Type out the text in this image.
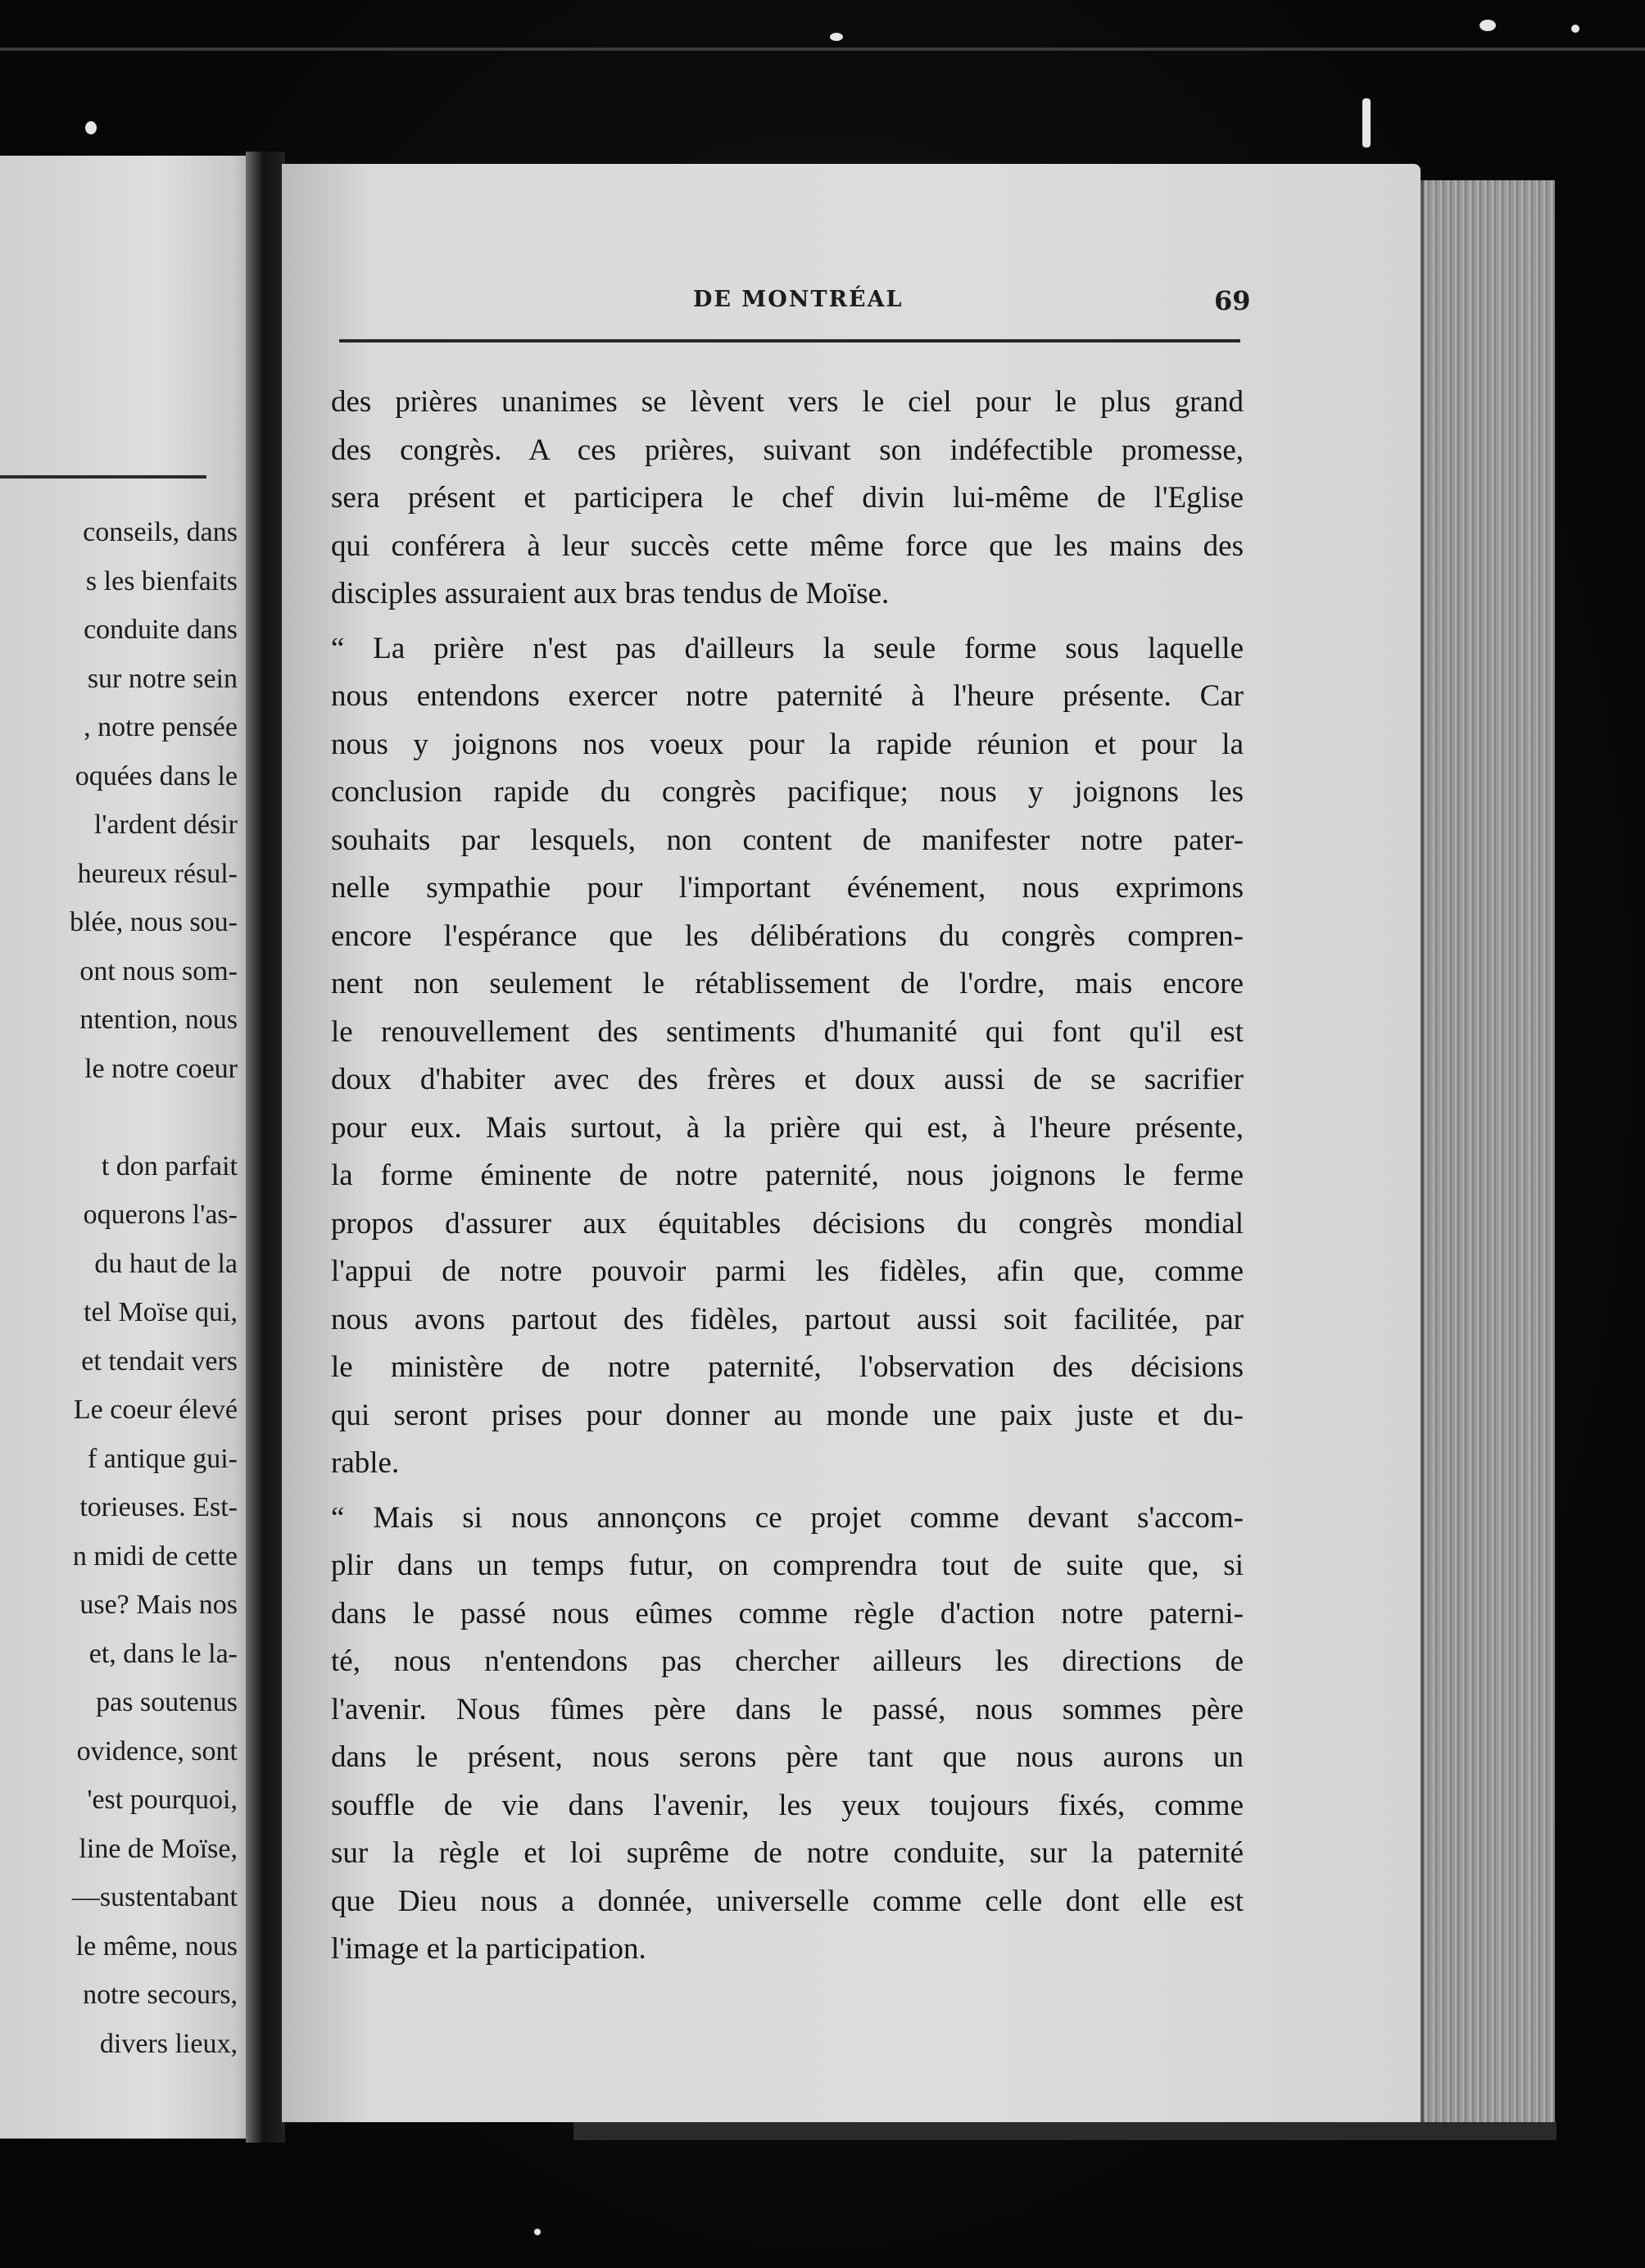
conseils, dans
s les bienfaits
conduite dans
sur notre sein
, notre pensée
oquées dans le
l'ardent désir
heureux résul-
blée, nous sou-
ont nous som-
ntention, nous
le notre coeur
t don parfait
oquerons l'as-
du haut de la
tel Moïse qui,
et tendait vers
Le coeur élevé
f antique gui-
torieuses. Est-
n midi de cette
use? Mais nos
et, dans le la-
pas soutenus
ovidence, sont
'est pourquoi,
line de Moïse,
—sustentabant
le même, nous
notre secours,
divers lieux,
DE MONTRÉAL	69
des prières unanimes se lèvent vers le ciel pour le plus grand
des congrès. A ces prières, suivant son indéfectible promesse,
sera présent et participera le chef divin lui-même de l'Eglise
qui conférera à leur succès cette même force que les mains des
disciples assuraient aux bras tendus de Moïse.
“ La prière n'est pas d'ailleurs la seule forme sous laquelle
nous entendons exercer notre paternité à l'heure présente. Car
nous y joignons nos voeux pour la rapide réunion et pour la
conclusion rapide du congrès pacifique; nous y joignons les
souhaits par lesquels, non content de manifester notre pater-
nelle sympathie pour l'important événement, nous exprimons
encore l'espérance que les délibérations du congrès compren-
nent non seulement le rétablissement de l'ordre, mais encore
le renouvellement des sentiments d'humanité qui font qu'il est
doux d'habiter avec des frères et doux aussi de se sacrifier
pour eux. Mais surtout, à la prière qui est, à l'heure présente,
la forme éminente de notre paternité, nous joignons le ferme
propos d'assurer aux équitables décisions du congrès mondial
l'appui de notre pouvoir parmi les fidèles, afin que, comme
nous avons partout des fidèles, partout aussi soit facilitée, par
le ministère de notre paternité, l'observation des décisions
qui seront prises pour donner au monde une paix juste et du-
rable.
“ Mais si nous annonçons ce projet comme devant s'accom-
plir dans un temps futur, on comprendra tout de suite que, si
dans le passé nous eûmes comme règle d'action notre paterni-
té, nous n'entendons pas chercher ailleurs les directions de
l'avenir. Nous fûmes père dans le passé, nous sommes père
dans le présent, nous serons père tant que nous aurons un
souffle de vie dans l'avenir, les yeux toujours fixés, comme
sur la règle et loi suprême de notre conduite, sur la paternité
que Dieu nous a donnée, universelle comme celle dont elle est
l'image et la participation.
